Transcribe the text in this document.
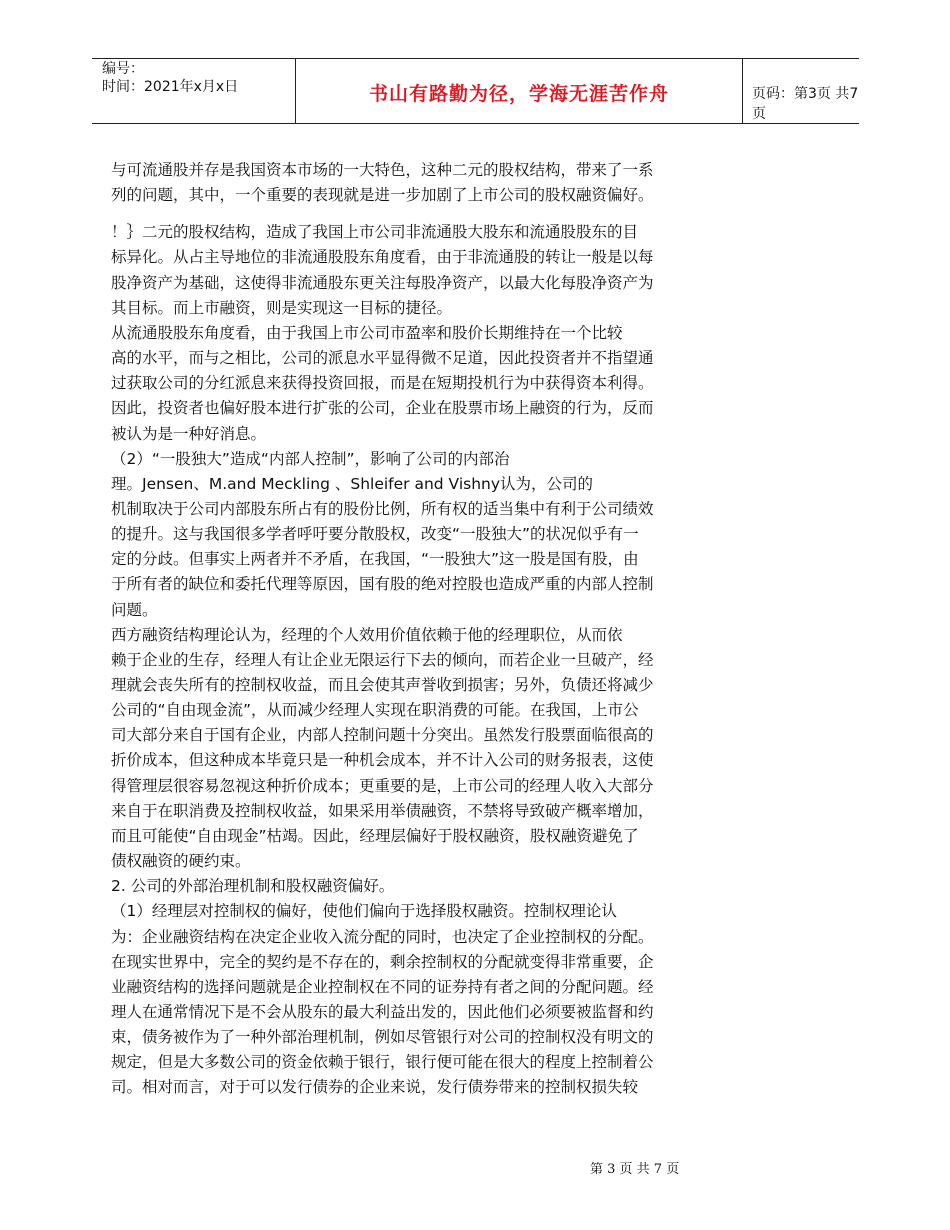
编号：
时间：2021年x月x日	书山有路勤为径，学海无涯苦作舟	页码：第3页 共7页
与可流通股并存是我国资本市场的一大特色，这种二元的股权结构，带来了一系
列的问题，其中，一个重要的表现就是进一步加剧了上市公司的股权融资偏好。
！｝二元的股权结构，造成了我国上市公司非流通股大股东和流通股股东的目
标异化。从占主导地位的非流通股股东角度看，由于非流通股的转让一般是以每
股净资产为基础，这使得非流通股东更关注每股净资产，以最大化每股净资产为
其目标。而上市融资，则是实现这一目标的捷径。
从流通股股东角度看，由于我国上市公司市盈率和股价长期维持在一个比较
高的水平，而与之相比，公司的派息水平显得微不足道，因此投资者并不指望通
过获取公司的分红派息来获得投资回报，而是在短期投机行为中获得资本利得。
因此，投资者也偏好股本进行扩张的公司，企业在股票市场上融资的行为，反而
被认为是一种好消息。
（2）“一股独大”造成“内部人控制”，影响了公司的内部治
理。Jensen、M.and Meckling 、Shleifer and Vishny认为，公司的
机制取决于公司内部股东所占有的股份比例，所有权的适当集中有利于公司绩效
的提升。这与我国很多学者呼吁要分散股权，改变“一股独大”的状况似乎有一
定的分歧。但事实上两者并不矛盾，在我国，“一股独大”这一股是国有股，由
于所有者的缺位和委托代理等原因，国有股的绝对控股也造成严重的内部人控制
问题。
西方融资结构理论认为，经理的个人效用价值依赖于他的经理职位，从而依
赖于企业的生存，经理人有让企业无限运行下去的倾向，而若企业一旦破产，经
理就会丧失所有的控制权收益，而且会使其声誉收到损害；另外，负债还将减少
公司的“自由现金流”，从而减少经理人实现在职消费的可能。在我国，上市公
司大部分来自于国有企业，内部人控制问题十分突出。虽然发行股票面临很高的
折价成本，但这种成本毕竟只是一种机会成本，并不计入公司的财务报表，这使
得管理层很容易忽视这种折价成本；更重要的是，上市公司的经理人收入大部分
来自于在职消费及控制权收益，如果采用举债融资，不禁将导致破产概率增加，
而且可能使“自由现金”枯竭。因此，经理层偏好于股权融资，股权融资避免了
债权融资的硬约束。
2. 公司的外部治理机制和股权融资偏好。
（1）经理层对控制权的偏好，使他们偏向于选择股权融资。控制权理论认
为：企业融资结构在决定企业收入流分配的同时，也决定了企业控制权的分配。
在现实世界中，完全的契约是不存在的，剩余控制权的分配就变得非常重要，企
业融资结构的选择问题就是企业控制权在不同的证券持有者之间的分配问题。经
理人在通常情况下是不会从股东的最大利益出发的，因此他们必须要被监督和约
束，债务被作为了一种外部治理机制，例如尽管银行对公司的控制权没有明文的
规定，但是大多数公司的资金依赖于银行，银行便可能在很大的程度上控制着公
司。相对而言，对于可以发行债券的企业来说，发行债券带来的控制权损失较
第 3 页 共 7 页
